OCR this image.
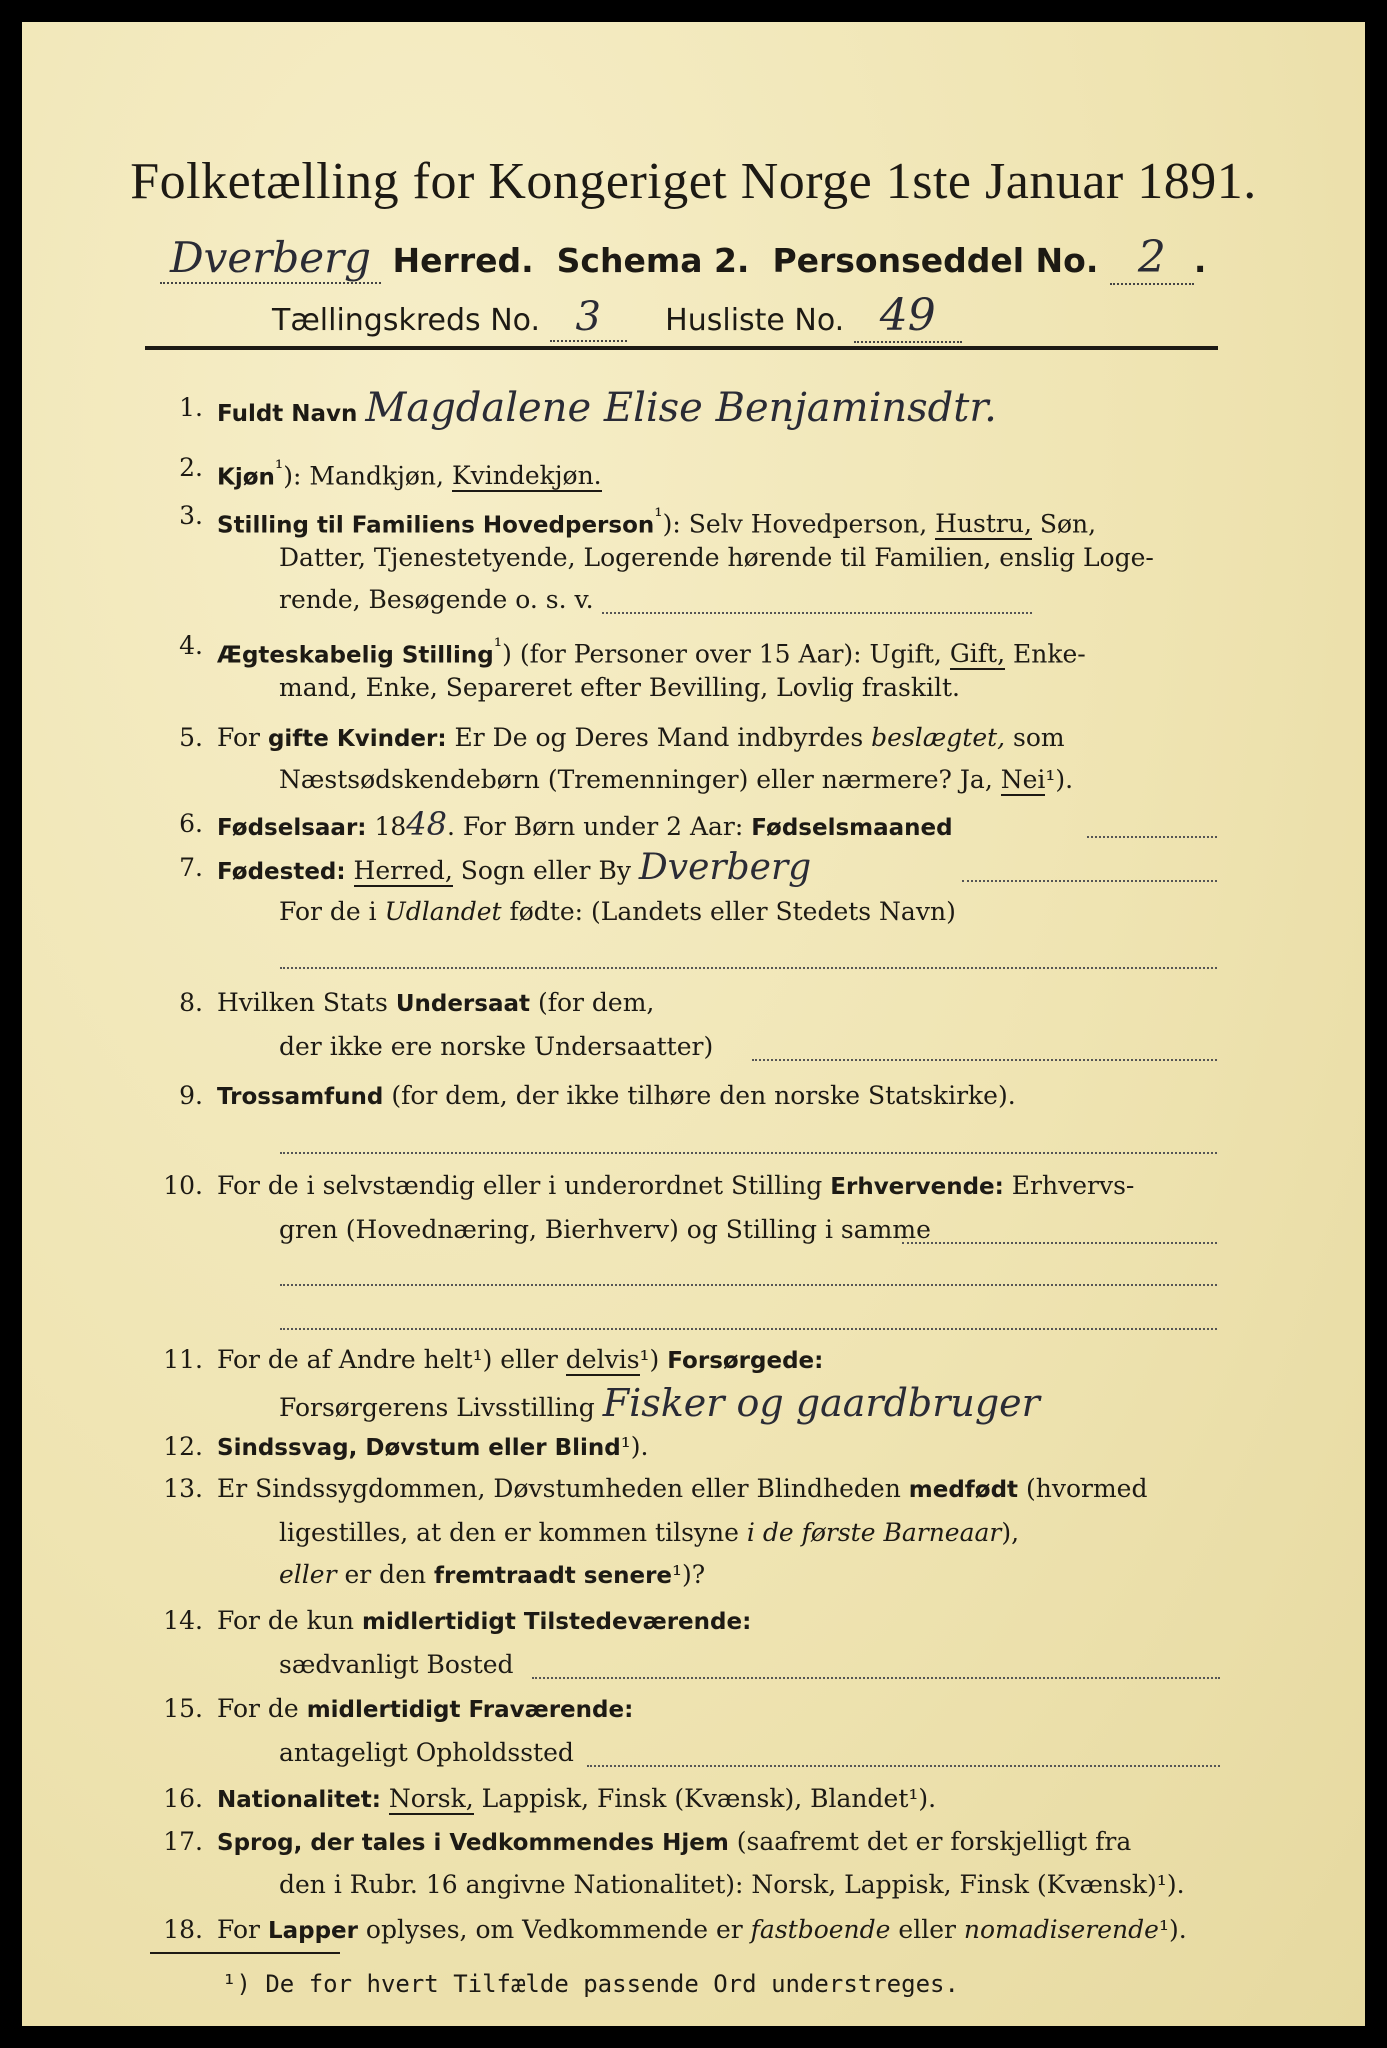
Folketælling for Kongeriget Norge 1ste Januar 1891.
Dverberg Herred. Schema 2. Personseddel No. 2 .
Tællingskreds No. 3 Husliste No. 49
1. Fuldt Navn Magdalene Elise Benjaminsdtr.
2. Kjøn$^{^1}$): Mandkjøn, Kvindekjøn.
3. Stilling til Familiens Hovedperson$^{^1}$): Selv Hovedperson, Hustru, Søn,
Datter, Tjenestetyende, Logerende hørende til Familien, enslig Loge-
rende, Besøgende o. s. v.
4. Ægteskabelig Stilling$^{^1}$) (for Personer over 15 Aar): Ugift, Gift, Enke-
mand, Enke, Separeret efter Bevilling, Lovlig fraskilt.
5. For gifte Kvinder: Er De og Deres Mand indbyrdes beslægtet, som
Næstsødskendebørn (Tremenninger) eller nærmere? Ja, Nei¹).
6. Fødselsaar: 1848. For Børn under 2 Aar: Fødselsmaaned
7. Fødested: Herred, Sogn eller By Dverberg
For de i Udlandet fødte: (Landets eller Stedets Navn)
8. Hvilken Stats Undersaat (for dem,
der ikke ere norske Undersaatter)
9. Trossamfund (for dem, der ikke tilhøre den norske Statskirke).
10. For de i selvstændig eller i underordnet Stilling Erhvervende: Erhvervs-
gren (Hovednæring, Bierhverv) og Stilling i samme
11. For de af Andre helt¹) eller delvis¹) Forsørgede:
Forsørgerens Livsstilling Fisker og gaardbruger
12. Sindssvag, Døvstum eller Blind¹).
13. Er Sindssygdommen, Døvstumheden eller Blindheden medfødt (hvormed
ligestilles, at den er kommen tilsyne i de første Barneaar),
eller er den fremtraadt senere¹)?
14. For de kun midlertidigt Tilstedeværende:
sædvanligt Bosted
15. For de midlertidigt Fraværende:
antageligt Opholdssted
16. Nationalitet: Norsk, Lappisk, Finsk (Kvænsk), Blandet¹).
17. Sprog, der tales i Vedkommendes Hjem (saafremt det er forskjelligt fra
den i Rubr. 16 angivne Nationalitet): Norsk, Lappisk, Finsk (Kvænsk)¹).
18. For Lapper oplyses, om Vedkommende er fastboende eller nomadiserende¹).
¹) De for hvert Tilfælde passende Ord understreges.
